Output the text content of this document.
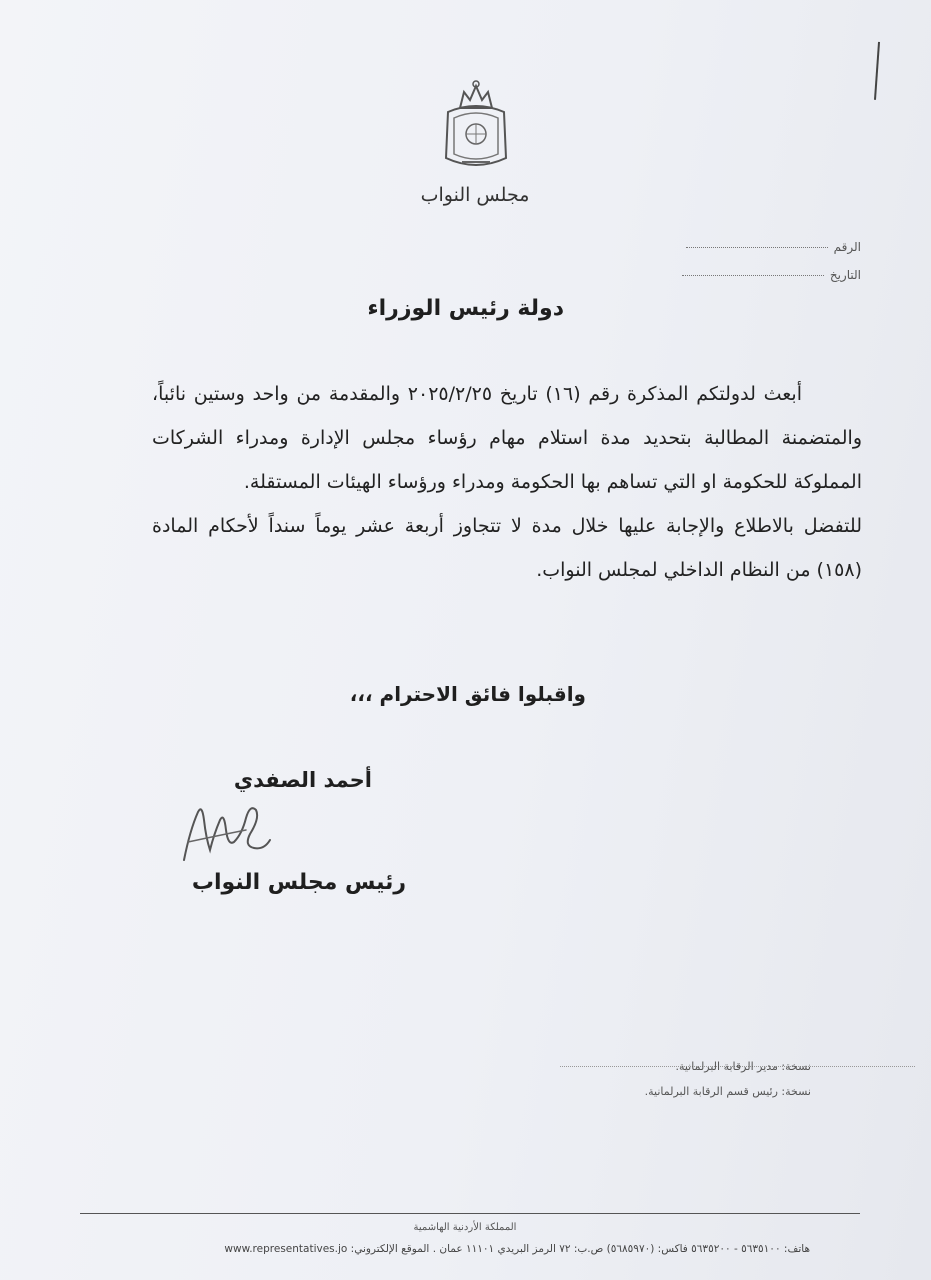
مجلس النواب
الرقم
التاريخ
دولة رئيس الوزراء

أبعث لدولتكم المذكرة رقم (١٦) تاريخ ٢٠٢٥/٢/٢٥ والمقدمة من واحد وستين نائباً، والمتضمنة المطالبة بتحديد مدة استلام مهام رؤساء مجلس الإدارة ومدراء الشركات المملوكة للحكومة او التي تساهم بها الحكومة ومدراء ورؤساء الهيئات المستقلة.

للتفضل بالاطلاع والإجابة عليها خلال مدة لا تتجاوز أربعة عشر يوماً سنداً لأحكام المادة (١٥٨) من النظام الداخلي لمجلس النواب.

واقبلوا فائق الاحترام ،،،
أحمد الصفدي
رئيس مجلس النواب
نسخة: مدير الرقابة البرلمانية.
نسخة: رئيس قسم الرقابة البرلمانية.
المملكة الأردنية الهاشمية
هاتف: ٥٦٣٥١٠٠ - ٥٦٣٥٢٠٠ فاكس: (٥٦٨٥٩٧٠) ص.ب: ٧٢ الرمز البريدي ١١١٠١ عمان . الموقع الإلكتروني: www.representatives.jo
